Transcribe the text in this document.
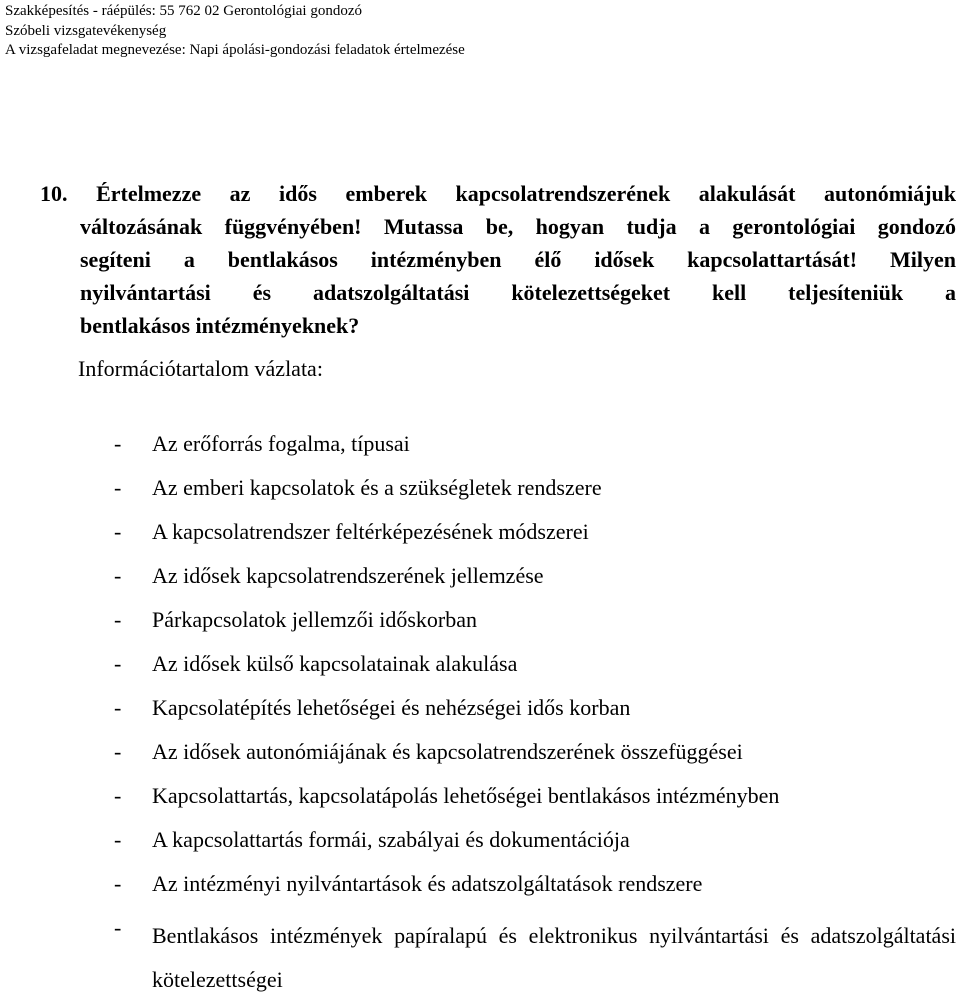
Szakképesítés - ráépülés: 55 762 02 Gerontológiai gondozó
Szóbeli vizsgatevékenység
A vizsgafeladat megnevezése: Napi ápolási-gondozási feladatok értelmezése
10. Értelmezze az idős emberek kapcsolatrendszerének alakulását autonómiájuk
változásának függvényében! Mutassa be, hogyan tudja a gerontológiai gondozó
segíteni a bentlakásos intézményben élő idősek kapcsolattartását! Milyen
nyilvántartási és adatszolgáltatási kötelezettségeket kell teljesíteniük a
bentlakásos intézményeknek?
Információtartalom vázlata:
- Az erőforrás fogalma, típusai
- Az emberi kapcsolatok és a szükségletek rendszere
- A kapcsolatrendszer feltérképezésének módszerei
- Az idősek kapcsolatrendszerének jellemzése
- Párkapcsolatok jellemzői időskorban
- Az idősek külső kapcsolatainak alakulása
- Kapcsolatépítés lehetőségei és nehézségei idős korban
- Az idősek autonómiájának és kapcsolatrendszerének összefüggései
- Kapcsolattartás, kapcsolatápolás lehetőségei bentlakásos intézményben
- A kapcsolattartás formái, szabályai és dokumentációja
- Az intézményi nyilvántartások és adatszolgáltatások rendszere
- Bentlakásos intézmények papíralapú és elektronikus nyilvántartási és adatszolgáltatási kötelezettségei
